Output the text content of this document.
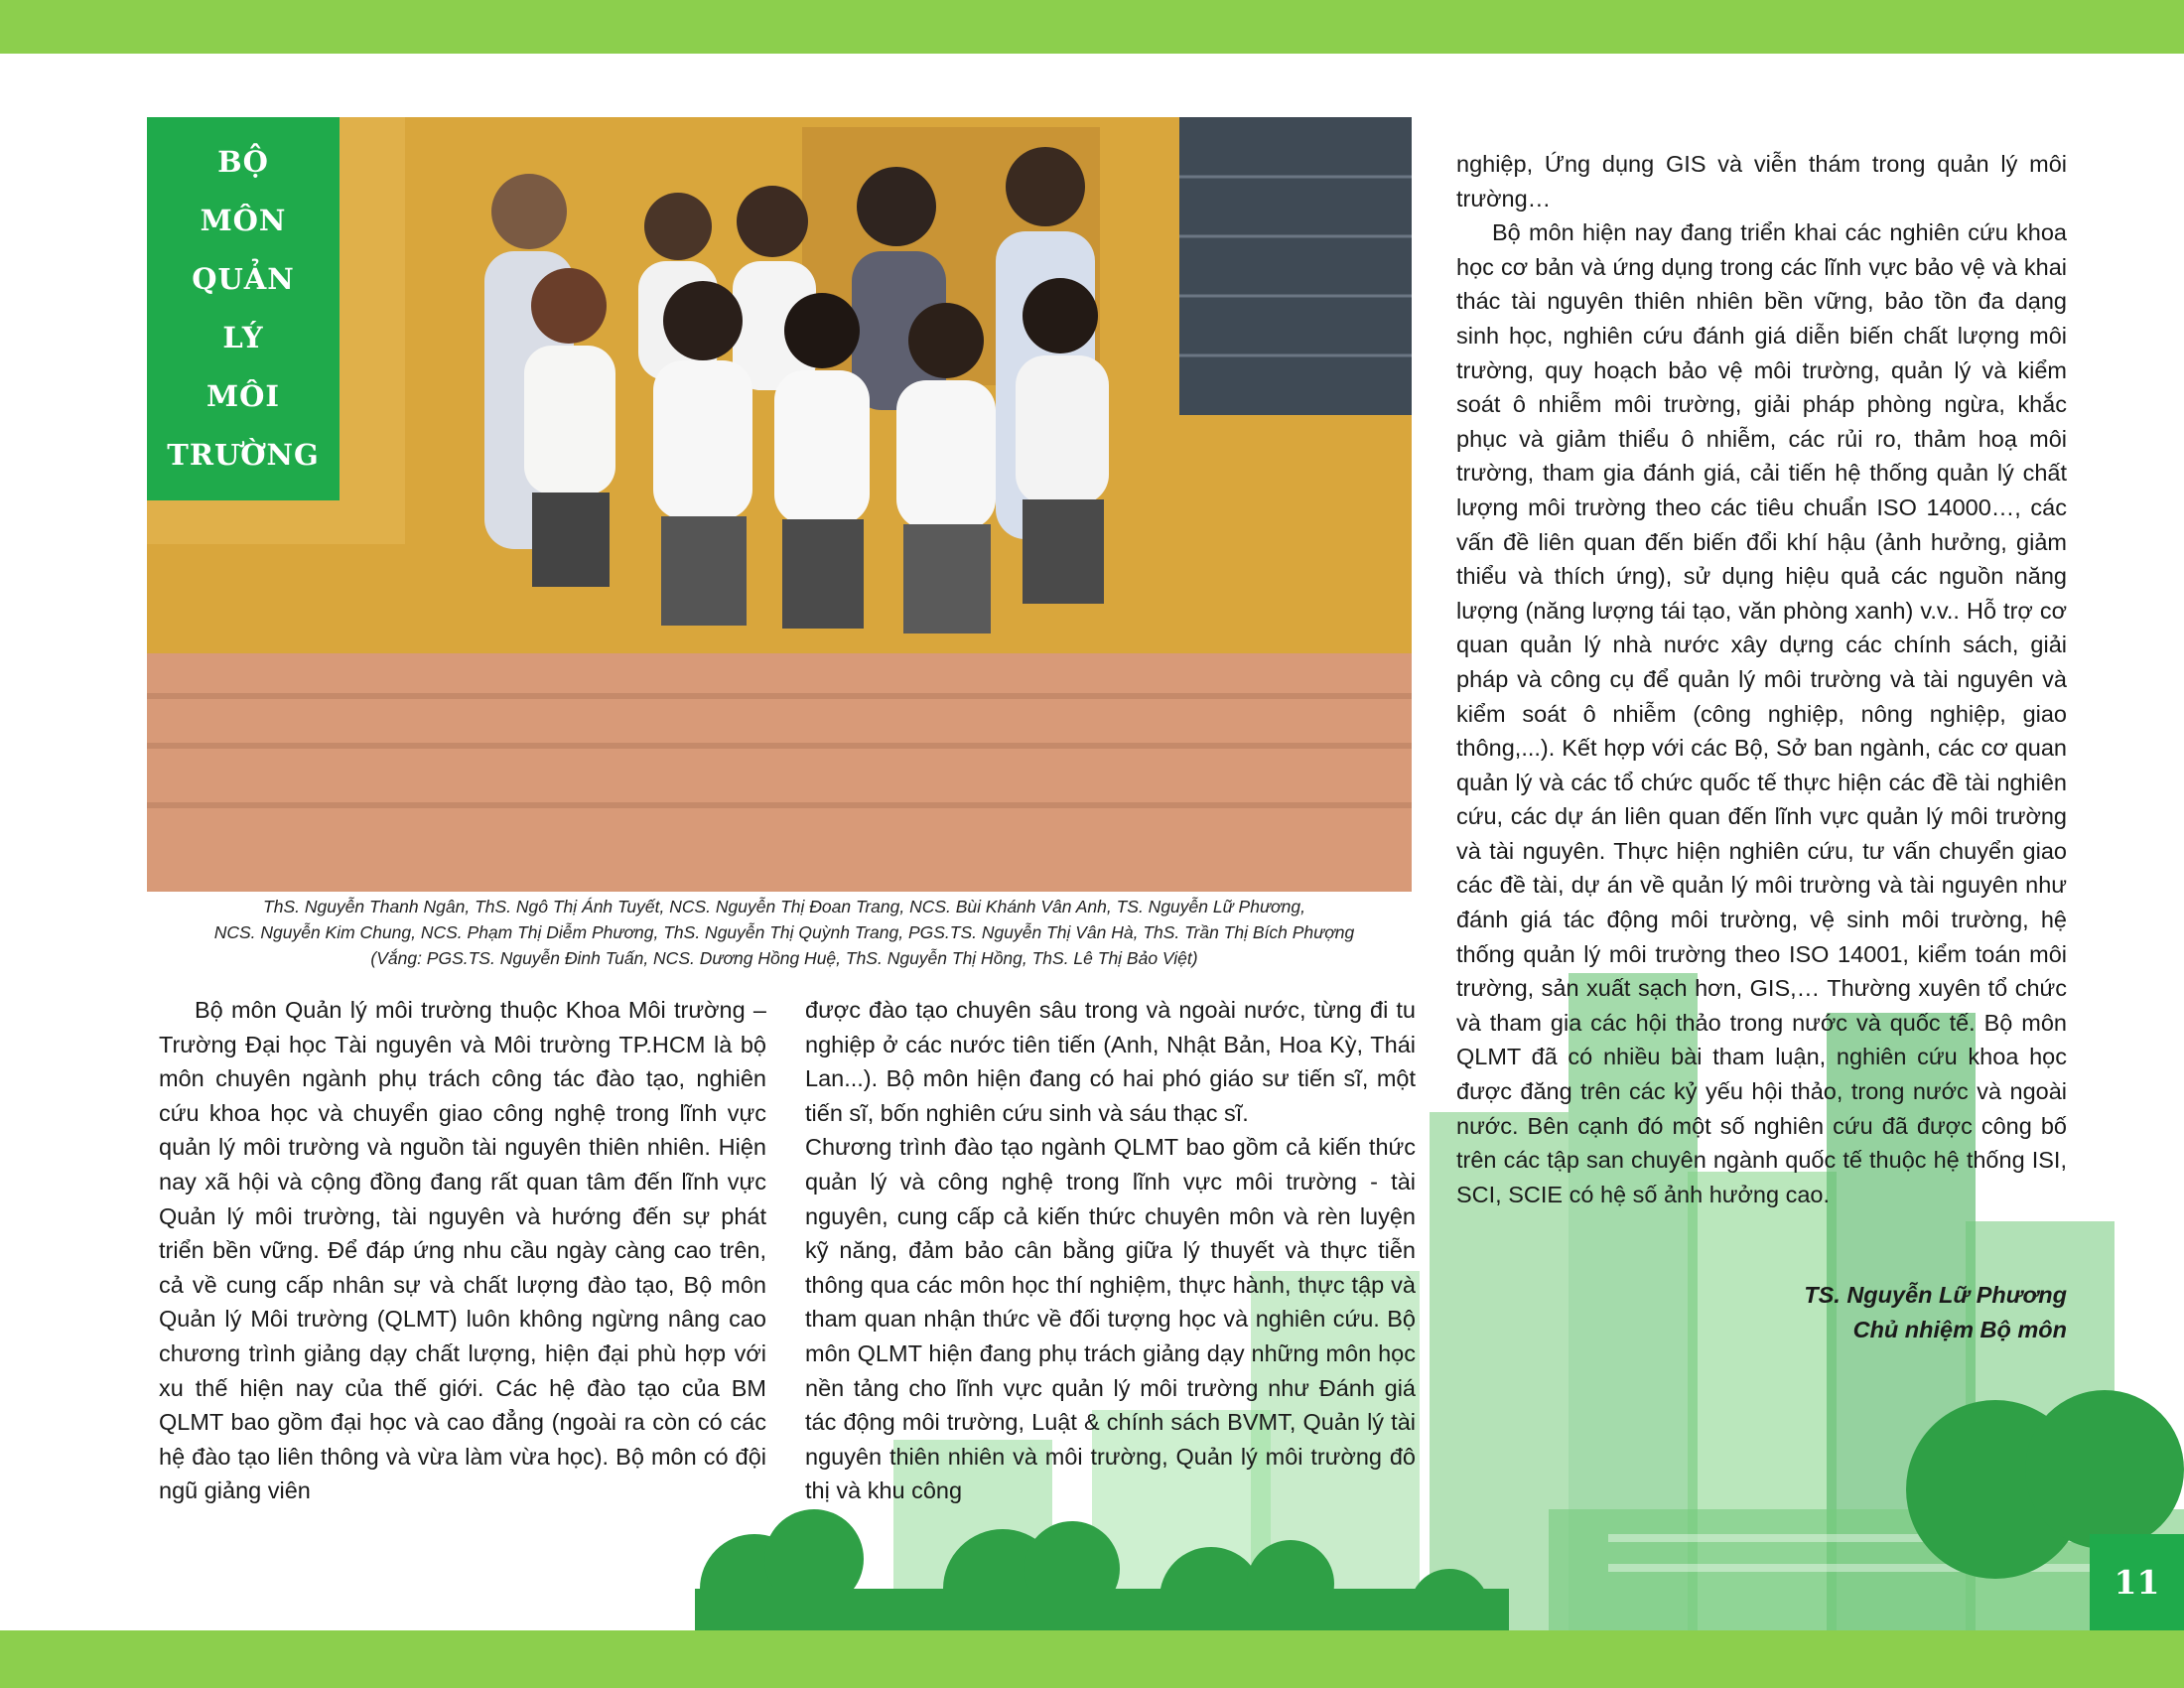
BỘ
MÔN
QUẢN
LÝ
MÔI
TRƯỜNG
ThS. Nguyễn Thanh Ngân, ThS. Ngô Thị Ánh Tuyết, NCS. Nguyễn Thị Đoan Trang, NCS. Bùi Khánh Vân Anh, TS. Nguyễn Lữ Phương,
NCS. Nguyễn Kim Chung, NCS. Phạm Thị Diễm Phương, ThS. Nguyễn Thị Quỳnh Trang, PGS.TS. Nguyễn Thị Vân Hà, ThS. Trần Thị Bích Phượng
(Vắng: PGS.TS. Nguyễn Đinh Tuấn, NCS. Dương Hồng Huệ, ThS. Nguyễn Thị Hồng, ThS. Lê Thị Bảo Việt)

Bộ môn Quản lý môi trường thuộc Khoa Môi trường – Trường Đại học Tài nguyên và Môi trường TP.HCM là bộ môn chuyên ngành phụ trách công tác đào tạo, nghiên cứu khoa học và chuyển giao công nghệ trong lĩnh vực quản lý môi trường và nguồn tài nguyên thiên nhiên. Hiện nay xã hội và cộng đồng đang rất quan tâm đến lĩnh vực Quản lý môi trường, tài nguyên và hướng đến sự phát triển bền vững. Để đáp ứng nhu cầu ngày càng cao trên, cả về cung cấp nhân sự và chất lượng đào tạo, Bộ môn Quản lý Môi trường (QLMT) luôn không ngừng nâng cao chương trình giảng dạy chất lượng, hiện đại phù hợp với xu thế hiện nay của thế giới. Các hệ đào tạo của BM QLMT bao gồm đại học và cao đẳng (ngoài ra còn có các hệ đào tạo liên thông và vừa làm vừa học). Bộ môn có đội ngũ giảng viên

được đào tạo chuyên sâu trong và ngoài nước, từng đi tu nghiệp ở các nước tiên tiến (Anh, Nhật Bản, Hoa Kỳ, Thái Lan...). Bộ môn hiện đang có hai phó giáo sư tiến sĩ, một tiến sĩ, bốn nghiên cứu sinh và sáu thạc sĩ.

Chương trình đào tạo ngành QLMT bao gồm cả kiến thức quản lý và công nghệ trong lĩnh vực môi trường - tài nguyên, cung cấp cả kiến thức chuyên môn và rèn luyện kỹ năng, đảm bảo cân bằng giữa lý thuyết và thực tiễn thông qua các môn học thí nghiệm, thực hành, thực tập và tham quan nhận thức về đối tượng học và nghiên cứu. Bộ môn QLMT hiện đang phụ trách giảng dạy những môn học nền tảng cho lĩnh vực quản lý môi trường như Đánh giá tác động môi trường, Luật & chính sách BVMT, Quản lý tài nguyên thiên nhiên và môi trường, Quản lý môi trường đô thị và khu công

nghiệp, Ứng dụng GIS và viễn thám trong quản lý môi trường…

Bộ môn hiện nay đang triển khai các nghiên cứu khoa học cơ bản và ứng dụng trong các lĩnh vực bảo vệ và khai thác tài nguyên thiên nhiên bền vững, bảo tồn đa dạng sinh học, nghiên cứu đánh giá diễn biến chất lượng môi trường, quy hoạch bảo vệ môi trường, quản lý và kiểm soát ô nhiễm môi trường, giải pháp phòng ngừa, khắc phục và giảm thiểu ô nhiễm, các rủi ro, thảm hoạ môi trường, tham gia đánh giá, cải tiến hệ thống quản lý chất lượng môi trường theo các tiêu chuẩn ISO 14000…, các vấn đề liên quan đến biến đổi khí hậu (ảnh hưởng, giảm thiểu và thích ứng), sử dụng hiệu quả các nguồn năng lượng (năng lượng tái tạo, văn phòng xanh) v.v.. Hỗ trợ cơ quan quản lý nhà nước xây dựng các chính sách, giải pháp và công cụ để quản lý môi trường và tài nguyên và kiểm soát ô nhiễm (công nghiệp, nông nghiệp, giao thông,...). Kết hợp với các Bộ, Sở ban ngành, các cơ quan quản lý và các tổ chức quốc tế thực hiện các đề tài nghiên cứu, các dự án liên quan đến lĩnh vực quản lý môi trường và tài nguyên. Thực hiện nghiên cứu, tư vấn chuyển giao các đề tài, dự án về quản lý môi trường và tài nguyên như đánh giá tác động môi trường, vệ sinh môi trường, hệ thống quản lý môi trường theo ISO 14001, kiểm toán môi trường, sản xuất sạch hơn, GIS,… Thường xuyên tổ chức và tham gia các hội thảo trong nước và quốc tế. Bộ môn QLMT đã có nhiều bài tham luận, nghiên cứu khoa học được đăng trên các kỷ yếu hội thảo, trong nước và ngoài nước. Bên cạnh đó một số nghiên cứu đã được công bố trên các tập san chuyên ngành quốc tế thuộc hệ thống ISI, SCI, SCIE có hệ số ảnh hưởng cao.

TS. Nguyễn Lữ Phương
Chủ nhiệm Bộ môn
11
